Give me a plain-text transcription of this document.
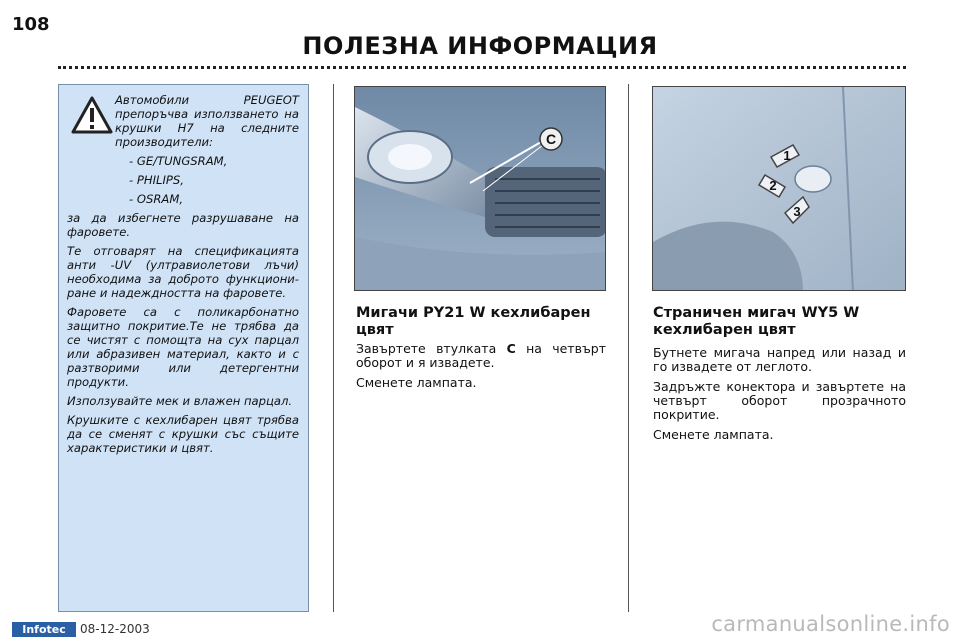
108
ПОЛЕЗНА ИНФОРМАЦИЯ

Автомобили PEUGEOT препоръчва използването на крушки H7 на следните производители:

- GE/TUNGSRAM,
- PHILIPS,
- OSRAM,

за да избегнете разрушаване на фаровете.

Те отговарят на спецификацията анти -UV (ултравиолетови лъчи) необходима за доброто функциони-ране и надеждността на фаровете.

Фаровете са с поликарбонатно защитно покритие.Те не трябва да се чистят с помощта на сух парцал или абразивен материал, както и с разтворими или детергентни продукти.

Използувайте мек и влажен парцал.

Крушките с кехлибарен цвят трябва да се сменят с крушки със същите характеристики и цвят.

C
1
2
3
Мигачи PY21 W кехлибарен цвят

Завъртете втулката C на четвърт оборот и я извадете.

Сменете лампата.

Страничен мигач WY5 W кехлибарен цвят

Бутнете мигача напред или назад и го извадете от леглото.

Задръжте конектора и завъртете на четвърт оборот прозрачното покритие.

Сменете лампата.

Infotec	08-12-2003	carmanualsonline.info
